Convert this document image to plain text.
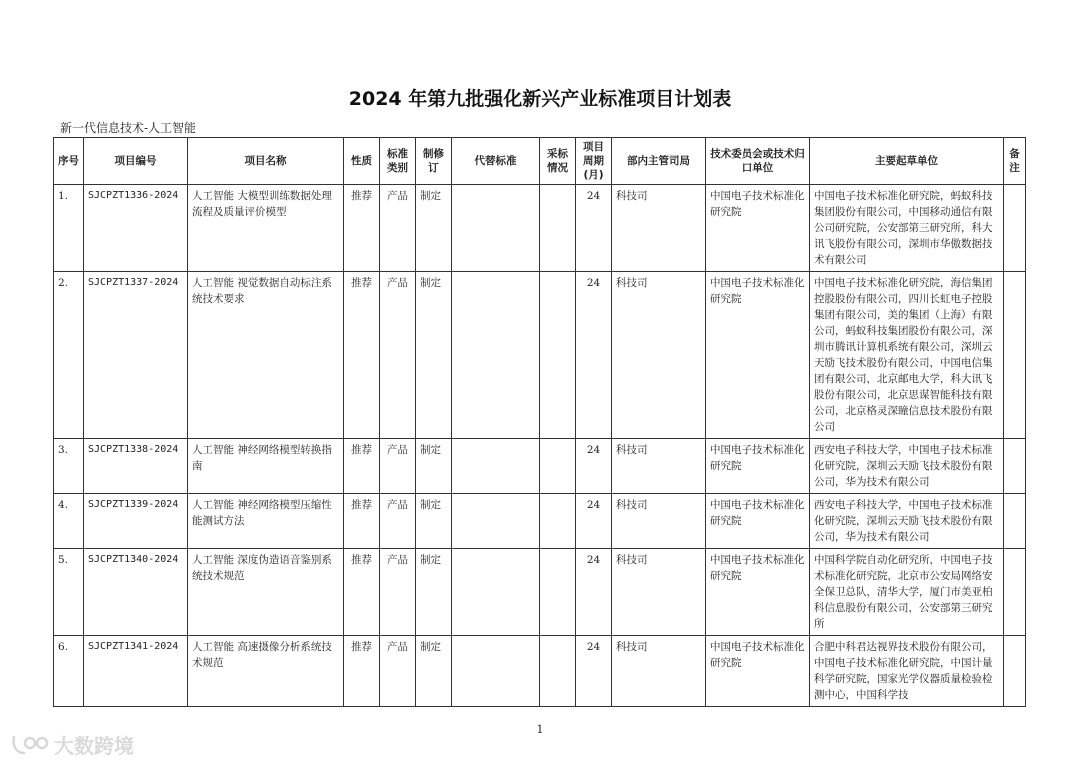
2024 年第九批强化新兴产业标准项目计划表
新一代信息技术-人工智能
序号	项目编号	项目名称	性质	标准类别	制修订	代替标准	采标情况	项目周期(月)	部内主管司局	技术委员会或技术归口单位	主要起草单位	备注
1.	SJCPZT1336-2024	人工智能 大模型训练数据处理流程及质量评价模型	推荐	产品	制定			24	科技司	中国电子技术标准化研究院	中国电子技术标准化研究院，蚂蚁科技集团股份有限公司，中国移动通信有限公司研究院，公安部第三研究所，科大讯飞股份有限公司，深圳市华傲数据技术有限公司	
2.	SJCPZT1337-2024	人工智能 视觉数据自动标注系统技术要求	推荐	产品	制定			24	科技司	中国电子技术标准化研究院	中国电子技术标准化研究院，海信集团控股股份有限公司，四川长虹电子控股集团有限公司，美的集团（上海）有限公司，蚂蚁科技集团股份有限公司，深圳市腾讯计算机系统有限公司，深圳云天励飞技术股份有限公司，中国电信集团有限公司，北京邮电大学，科大讯飞股份有限公司，北京思谋智能科技有限公司，北京格灵深瞳信息技术股份有限公司	
3.	SJCPZT1338-2024	人工智能 神经网络模型转换指南	推荐	产品	制定			24	科技司	中国电子技术标准化研究院	西安电子科技大学，中国电子技术标准化研究院，深圳云天励飞技术股份有限公司，华为技术有限公司	
4.	SJCPZT1339-2024	人工智能 神经网络模型压缩性能测试方法	推荐	产品	制定			24	科技司	中国电子技术标准化研究院	西安电子科技大学，中国电子技术标准化研究院，深圳云天励飞技术股份有限公司，华为技术有限公司	
5.	SJCPZT1340-2024	人工智能 深度伪造语音鉴别系统技术规范	推荐	产品	制定			24	科技司	中国电子技术标准化研究院	中国科学院自动化研究所，中国电子技术标准化研究院，北京市公安局网络安全保卫总队，清华大学，厦门市美亚柏科信息股份有限公司，公安部第三研究所	
6.	SJCPZT1341-2024	人工智能 高速摄像分析系统技术规范	推荐	产品	制定			24	科技司	中国电子技术标准化研究院	合肥中科君达视界技术股份有限公司，中国电子技术标准化研究院，中国计量科学研究院，国家光学仪器质量检验检测中心，中国科学技	
1
大数跨境
